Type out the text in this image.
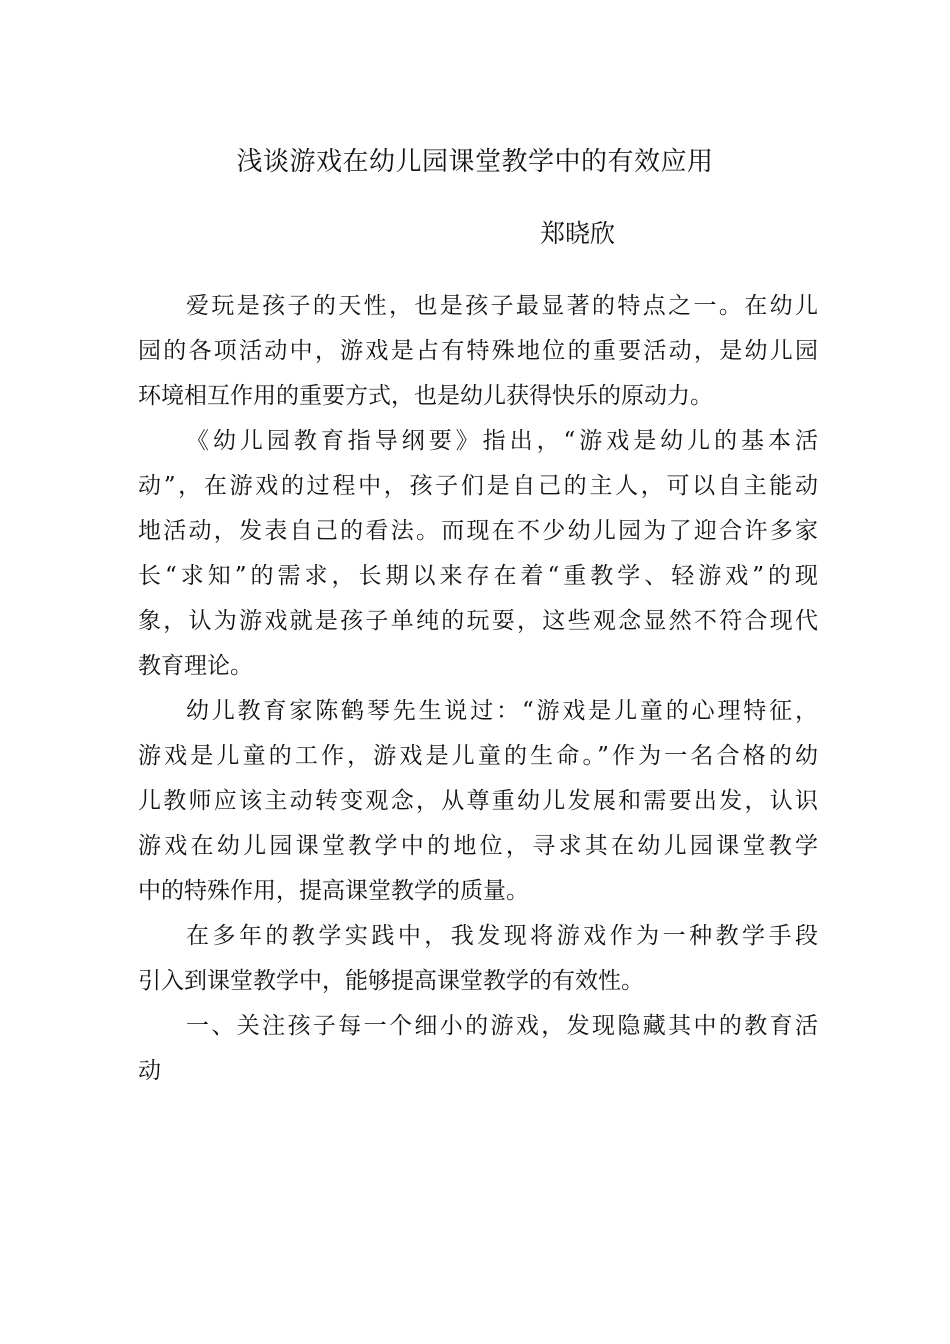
浅谈游戏在幼儿园课堂教学中的有效应用
郑晓欣

爱玩是孩子的天性，也是孩子最显著的特点之一。在幼儿
园的各项活动中，游戏是占有特殊地位的重要活动，是幼儿园
环境相互作用的重要方式，也是幼儿获得快乐的原动力。

《幼儿园教育指导纲要》指出，“游戏是幼儿的基本活
动”，在游戏的过程中，孩子们是自己的主人，可以自主能动
地活动，发表自己的看法。而现在不少幼儿园为了迎合许多家
长“求知”的需求，长期以来存在着“重教学、轻游戏”的现
象，认为游戏就是孩子单纯的玩耍，这些观念显然不符合现代
教育理论。

幼儿教育家陈鹤琴先生说过：“游戏是儿童的心理特征，
游戏是儿童的工作，游戏是儿童的生命。”作为一名合格的幼
儿教师应该主动转变观念，从尊重幼儿发展和需要出发，认识
游戏在幼儿园课堂教学中的地位，寻求其在幼儿园课堂教学
中的特殊作用，提高课堂教学的质量。

在多年的教学实践中，我发现将游戏作为一种教学手段
引入到课堂教学中，能够提高课堂教学的有效性。

一、关注孩子每一个细小的游戏，发现隐藏其中的教育活
动
